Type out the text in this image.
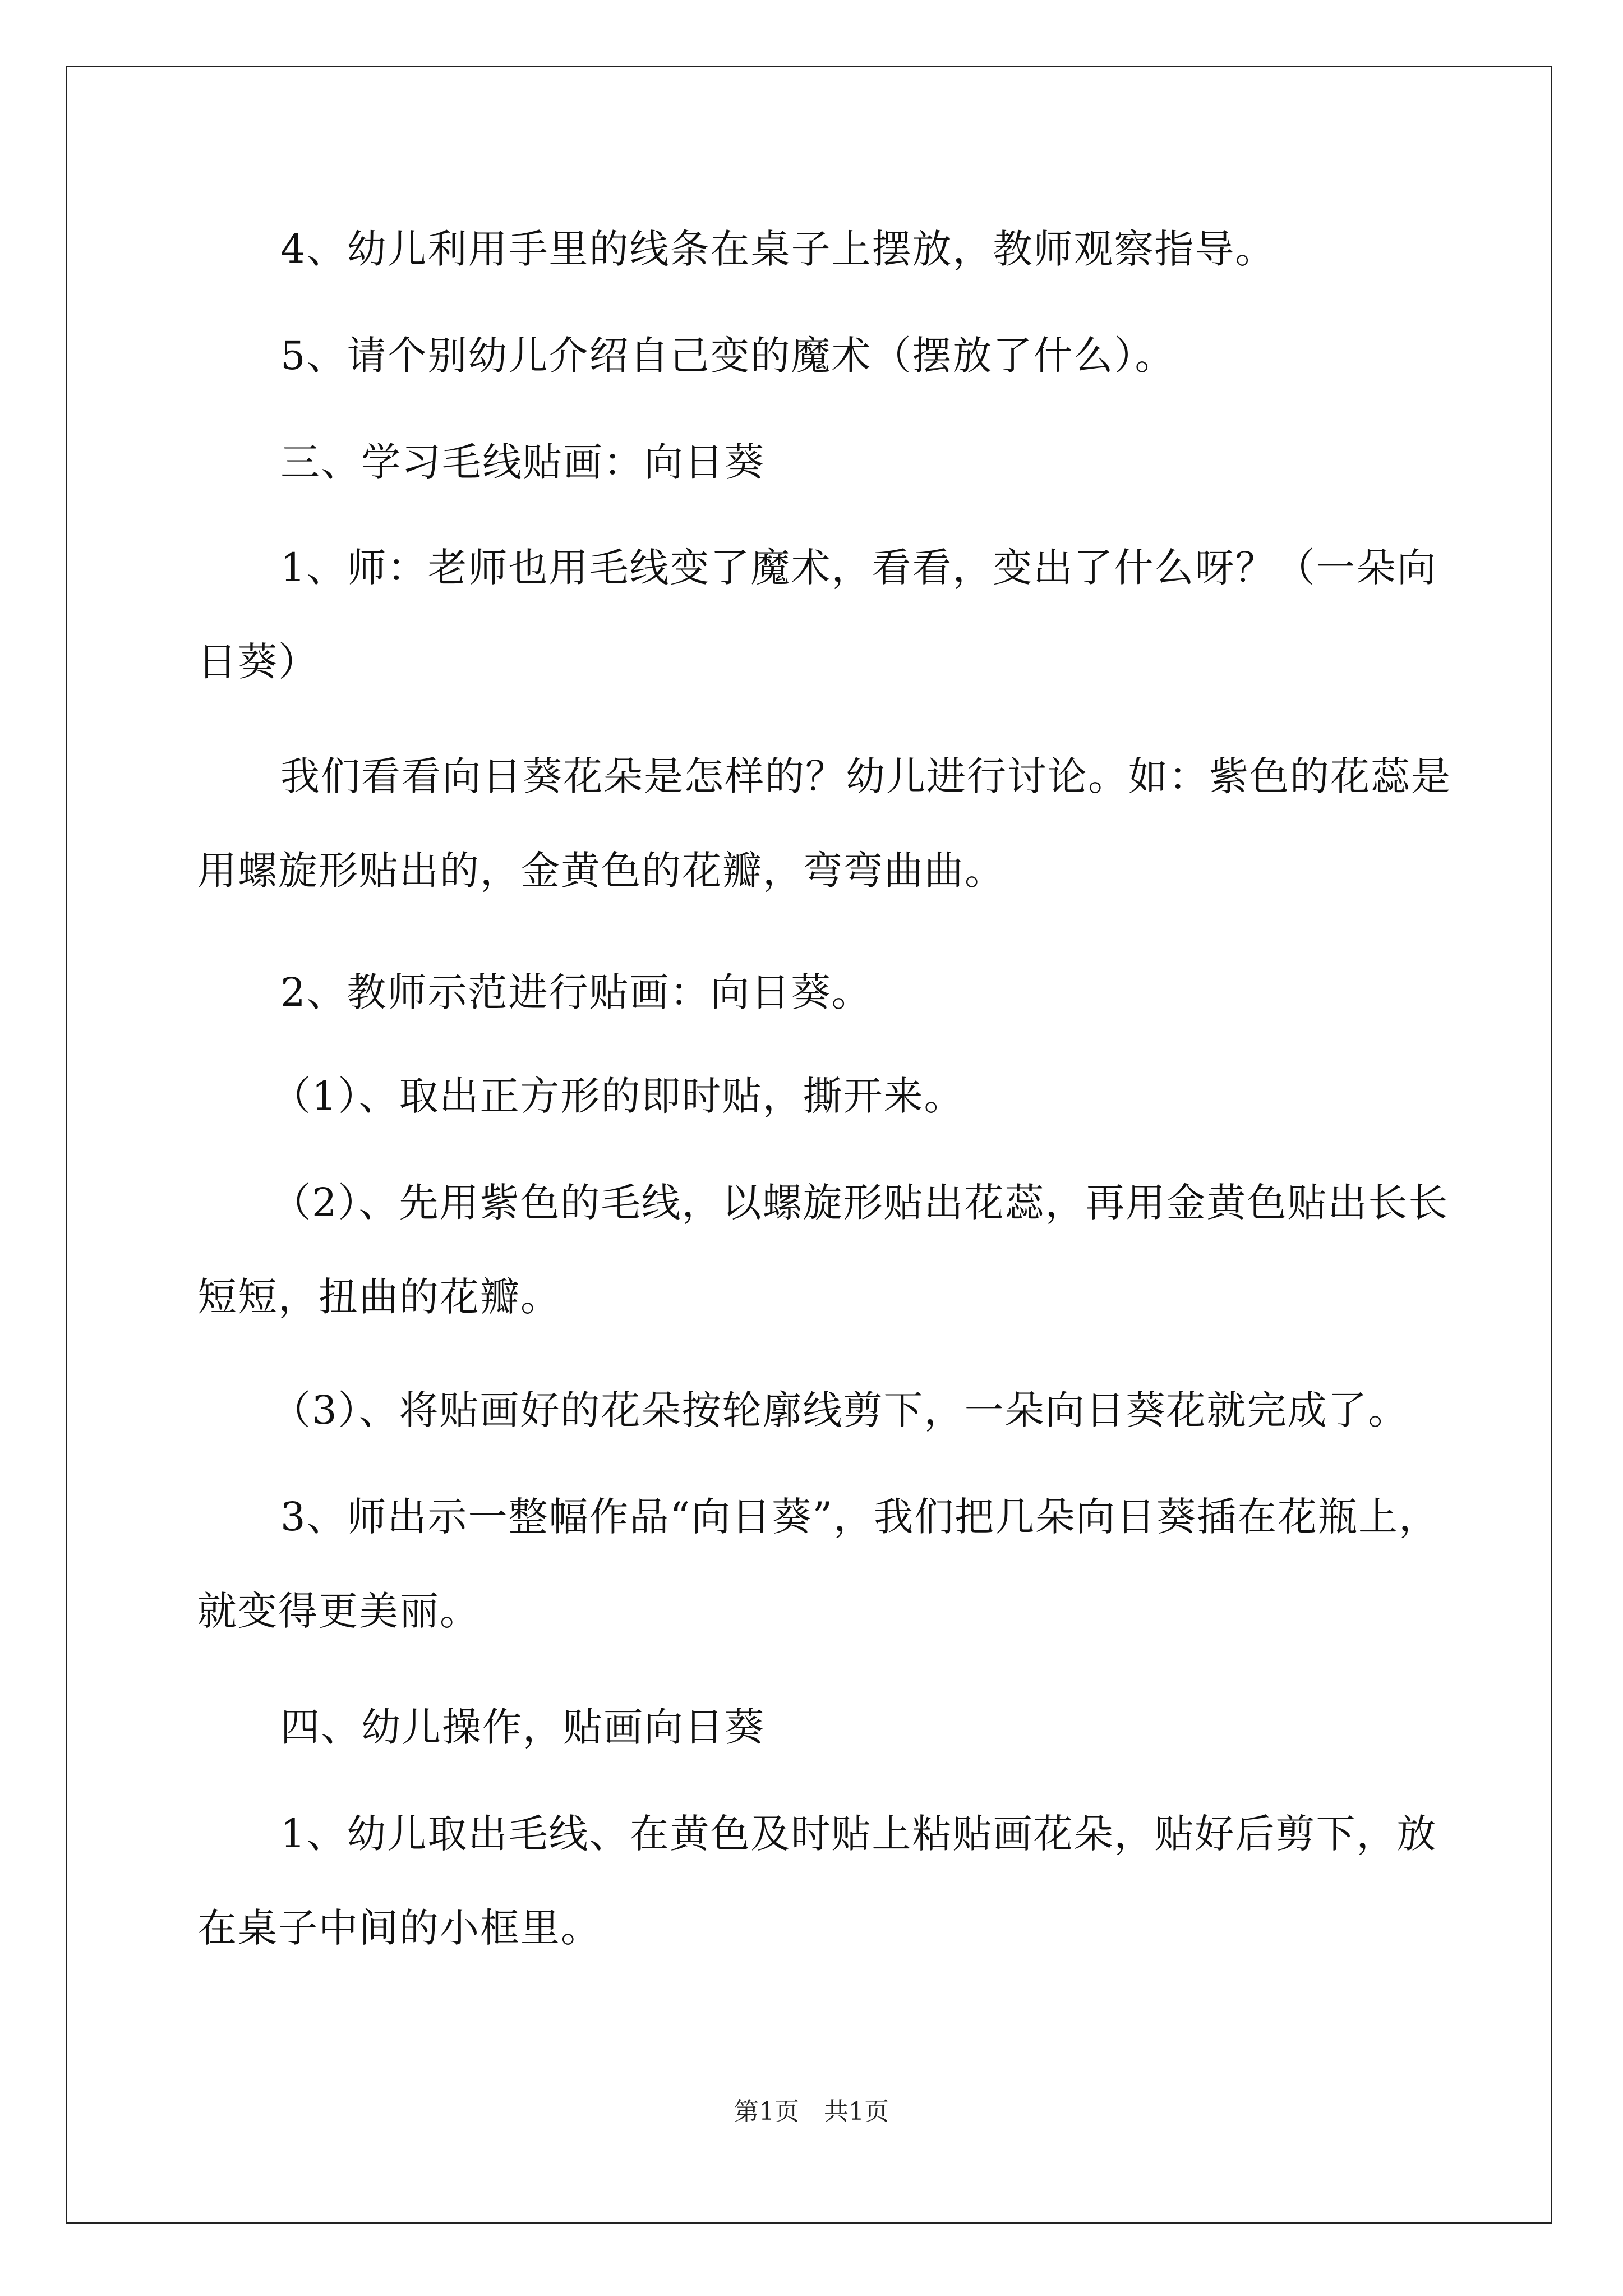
4、幼儿利用手里的线条在桌子上摆放，教师观察指导。

5、请个别幼儿介绍自己变的魔术（摆放了什么）。

三、学习毛线贴画：向日葵

1、师：老师也用毛线变了魔术，看看，变出了什么呀？（一朵向日葵）

我们看看向日葵花朵是怎样的？幼儿进行讨论。如：紫色的花蕊是用螺旋形贴出的，金黄色的花瓣，弯弯曲曲。

2、教师示范进行贴画：向日葵。

（1）、取出正方形的即时贴，撕开来。

（2）、先用紫色的毛线，以螺旋形贴出花蕊，再用金黄色贴出长长短短，扭曲的花瓣。

（3）、将贴画好的花朵按轮廓线剪下，一朵向日葵花就完成了。

3、师出示一整幅作品“向日葵”，我们把几朵向日葵插在花瓶上，就变得更美丽。

四、幼儿操作，贴画向日葵

1、幼儿取出毛线、在黄色及时贴上粘贴画花朵，贴好后剪下，放在桌子中间的小框里。

第1页　共1页
